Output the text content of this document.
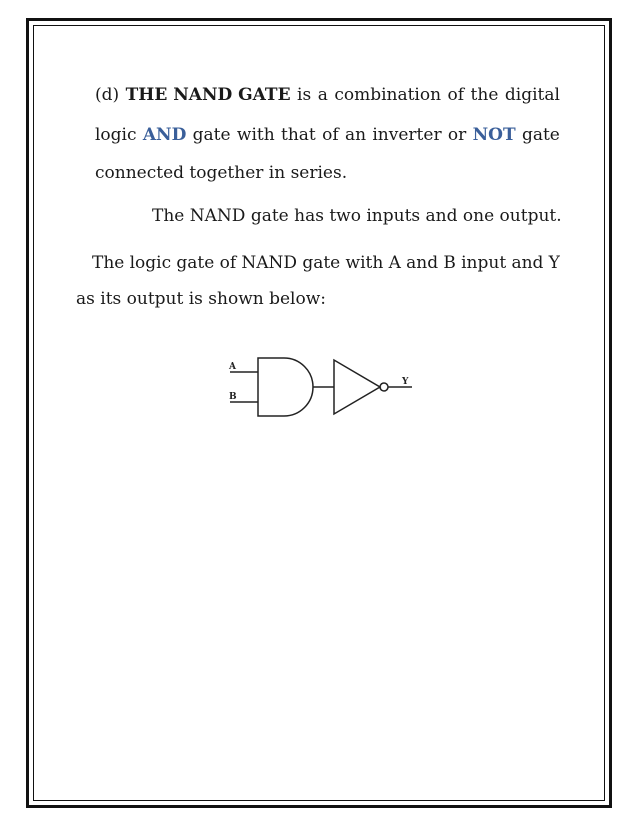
(d) THE NAND GATE is a combination of the digital
logic AND gate with that of an inverter or NOT gate
connected together in series.
The NAND gate has two inputs and one output.
The logic gate of NAND gate with A and B input and Y
as its output is shown below:
A
B
Y
